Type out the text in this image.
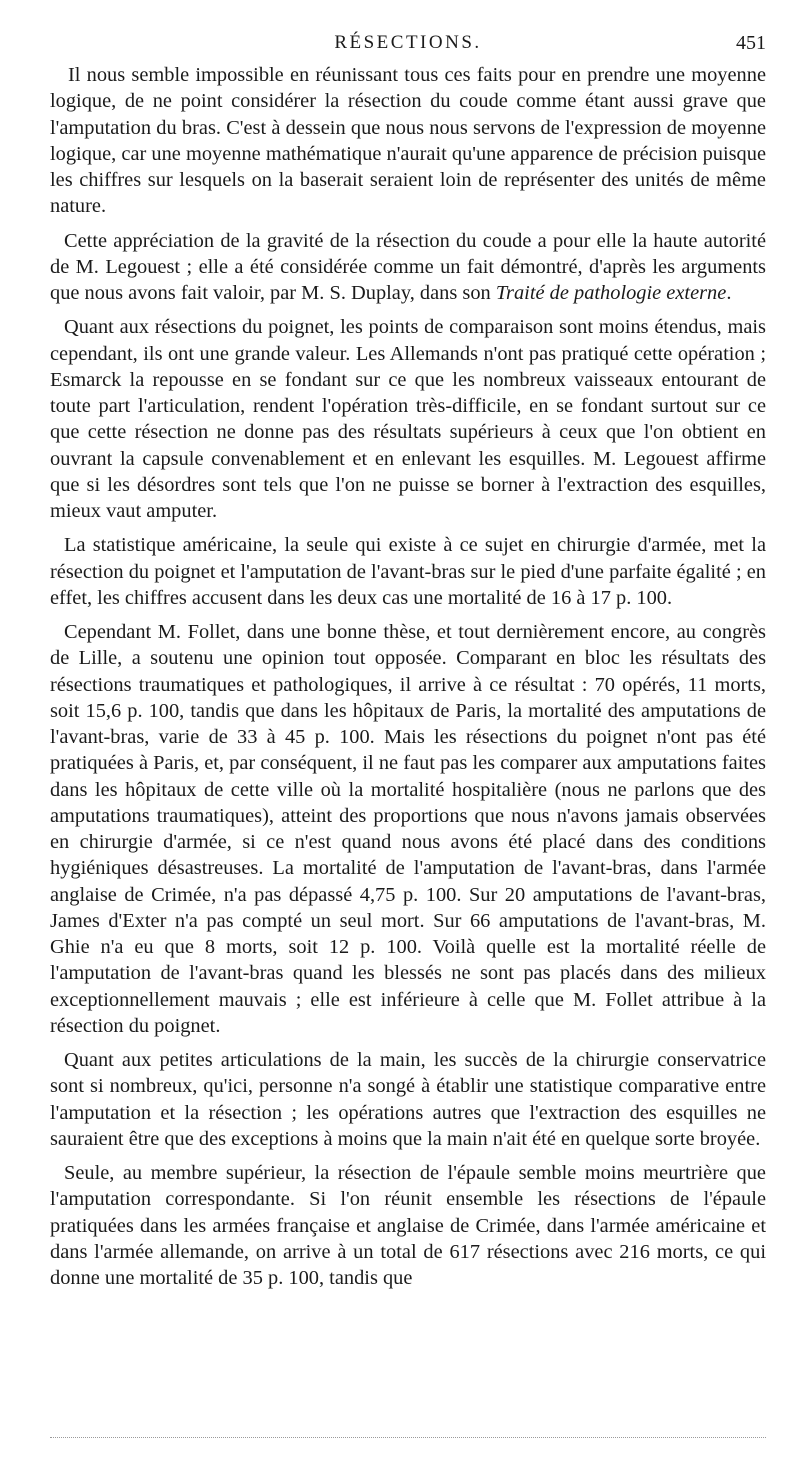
RÉSECTIONS.	451

Il nous semble impossible en réunissant tous ces faits pour en prendre une moyenne logique, de ne point considérer la résection du coude comme étant aussi grave que l'amputation du bras. C'est à dessein que nous nous servons de l'expression de moyenne logique, car une moyenne mathématique n'aurait qu'une apparence de précision puisque les chiffres sur lesquels on la baserait seraient loin de représenter des unités de même nature.

Cette appréciation de la gravité de la résection du coude a pour elle la haute autorité de M. Legouest ; elle a été considérée comme un fait démontré, d'après les arguments que nous avons fait valoir, par M. S. Duplay, dans son Traité de pathologie externe.

Quant aux résections du poignet, les points de comparaison sont moins étendus, mais cependant, ils ont une grande valeur. Les Allemands n'ont pas pratiqué cette opération ; Esmarck la repousse en se fondant sur ce que les nombreux vaisseaux entourant de toute part l'articulation, rendent l'opération très-difficile, en se fondant surtout sur ce que cette résection ne donne pas des résultats supérieurs à ceux que l'on obtient en ouvrant la capsule convenablement et en enlevant les esquilles. M. Legouest affirme que si les désordres sont tels que l'on ne puisse se borner à l'extraction des esquilles, mieux vaut amputer.

La statistique américaine, la seule qui existe à ce sujet en chirurgie d'armée, met la résection du poignet et l'amputation de l'avant-bras sur le pied d'une parfaite égalité ; en effet, les chiffres accusent dans les deux cas une mortalité de 16 à 17 p. 100.

Cependant M. Follet, dans une bonne thèse, et tout dernièrement encore, au congrès de Lille, a soutenu une opinion tout opposée. Comparant en bloc les résultats des résections traumatiques et pathologiques, il arrive à ce résultat : 70 opérés, 11 morts, soit 15,6 p. 100, tandis que dans les hôpitaux de Paris, la mortalité des amputations de l'avant-bras, varie de 33 à 45 p. 100. Mais les résections du poignet n'ont pas été pratiquées à Paris, et, par conséquent, il ne faut pas les comparer aux amputations faites dans les hôpitaux de cette ville où la mortalité hospitalière (nous ne parlons que des amputations traumatiques), atteint des proportions que nous n'avons jamais observées en chirurgie d'armée, si ce n'est quand nous avons été placé dans des conditions hygiéniques désastreuses. La mortalité de l'amputation de l'avant-bras, dans l'armée anglaise de Crimée, n'a pas dépassé 4,75 p. 100. Sur 20 amputations de l'avant-bras, James d'Exter n'a pas compté un seul mort. Sur 66 amputations de l'avant-bras, M. Ghie n'a eu que 8 morts, soit 12 p. 100. Voilà quelle est la mortalité réelle de l'amputation de l'avant-bras quand les blessés ne sont pas placés dans des milieux exceptionnellement mauvais ; elle est inférieure à celle que M. Follet attribue à la résection du poignet.

Quant aux petites articulations de la main, les succès de la chirurgie conservatrice sont si nombreux, qu'ici, personne n'a songé à établir une statistique comparative entre l'amputation et la résection ; les opérations autres que l'extraction des esquilles ne sauraient être que des exceptions à moins que la main n'ait été en quelque sorte broyée.

Seule, au membre supérieur, la résection de l'épaule semble moins meurtrière que l'amputation correspondante. Si l'on réunit ensemble les résections de l'épaule pratiquées dans les armées française et anglaise de Crimée, dans l'armée américaine et dans l'armée allemande, on arrive à un total de 617 résections avec 216 morts, ce qui donne une mortalité de 35 p. 100, tandis que
